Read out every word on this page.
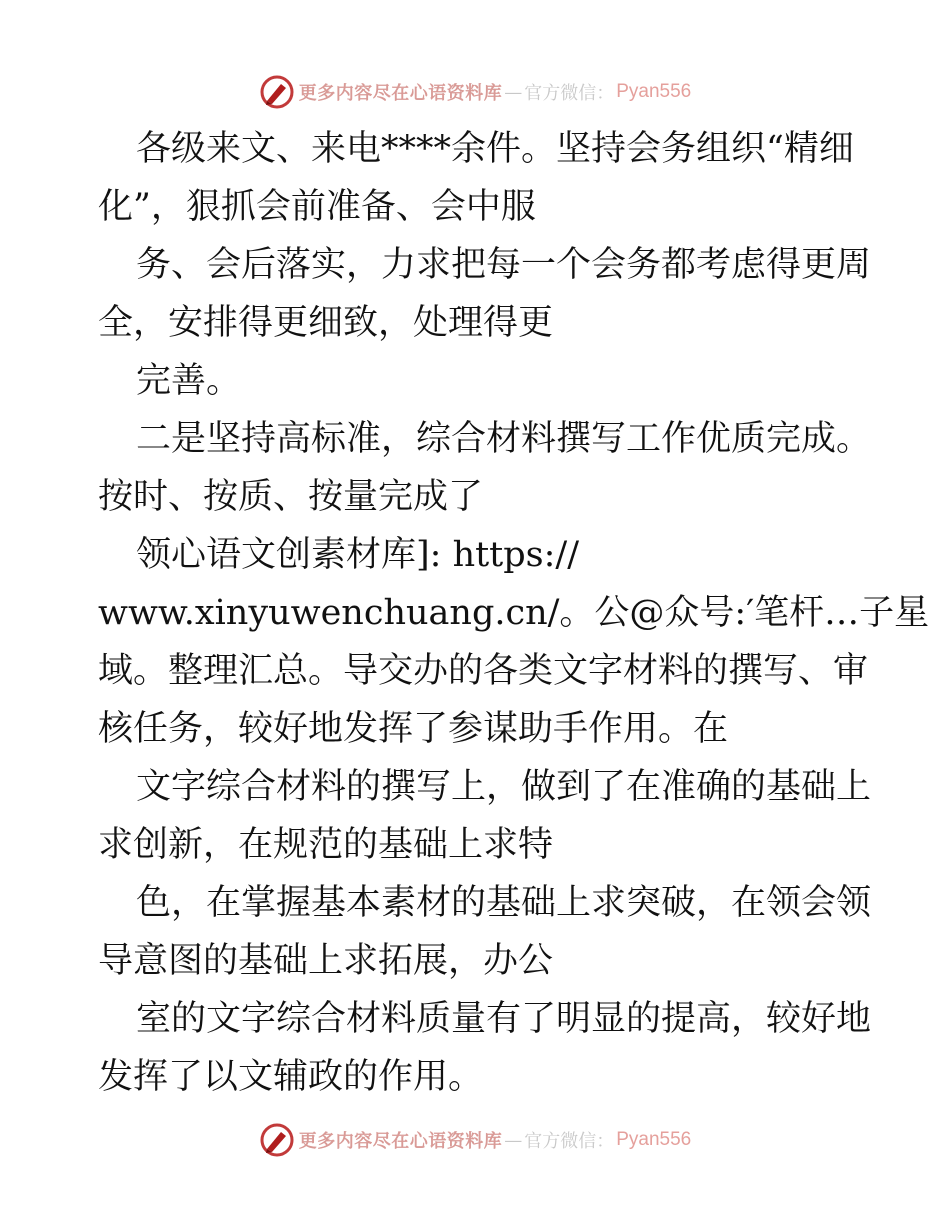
更多内容尽在心语资料库 — 官方微信： Pyan556
各级来文、来电****余件。坚持会务组织“精细
化”，狠抓会前准备、会中服
务、会后落实，力求把每一个会务都考虑得更周
全，安排得更细致，处理得更
完善。
二是坚持高标准，综合材料撰写工作优质完成。
按时、按质、按量完成了
领心语文创素材库]: https://
www.xinyuwenchuang.cn/。公@众号:′笔杆…子星
域。整理汇总。导交办的各类文字材料的撰写、审
核任务，较好地发挥了参谋助手作用。在
文字综合材料的撰写上，做到了在准确的基础上
求创新，在规范的基础上求特
色，在掌握基本素材的基础上求突破，在领会领
导意图的基础上求拓展，办公
室的文字综合材料质量有了明显的提高，较好地
发挥了以文辅政的作用。
更多内容尽在心语资料库 — 官方微信： Pyan556
